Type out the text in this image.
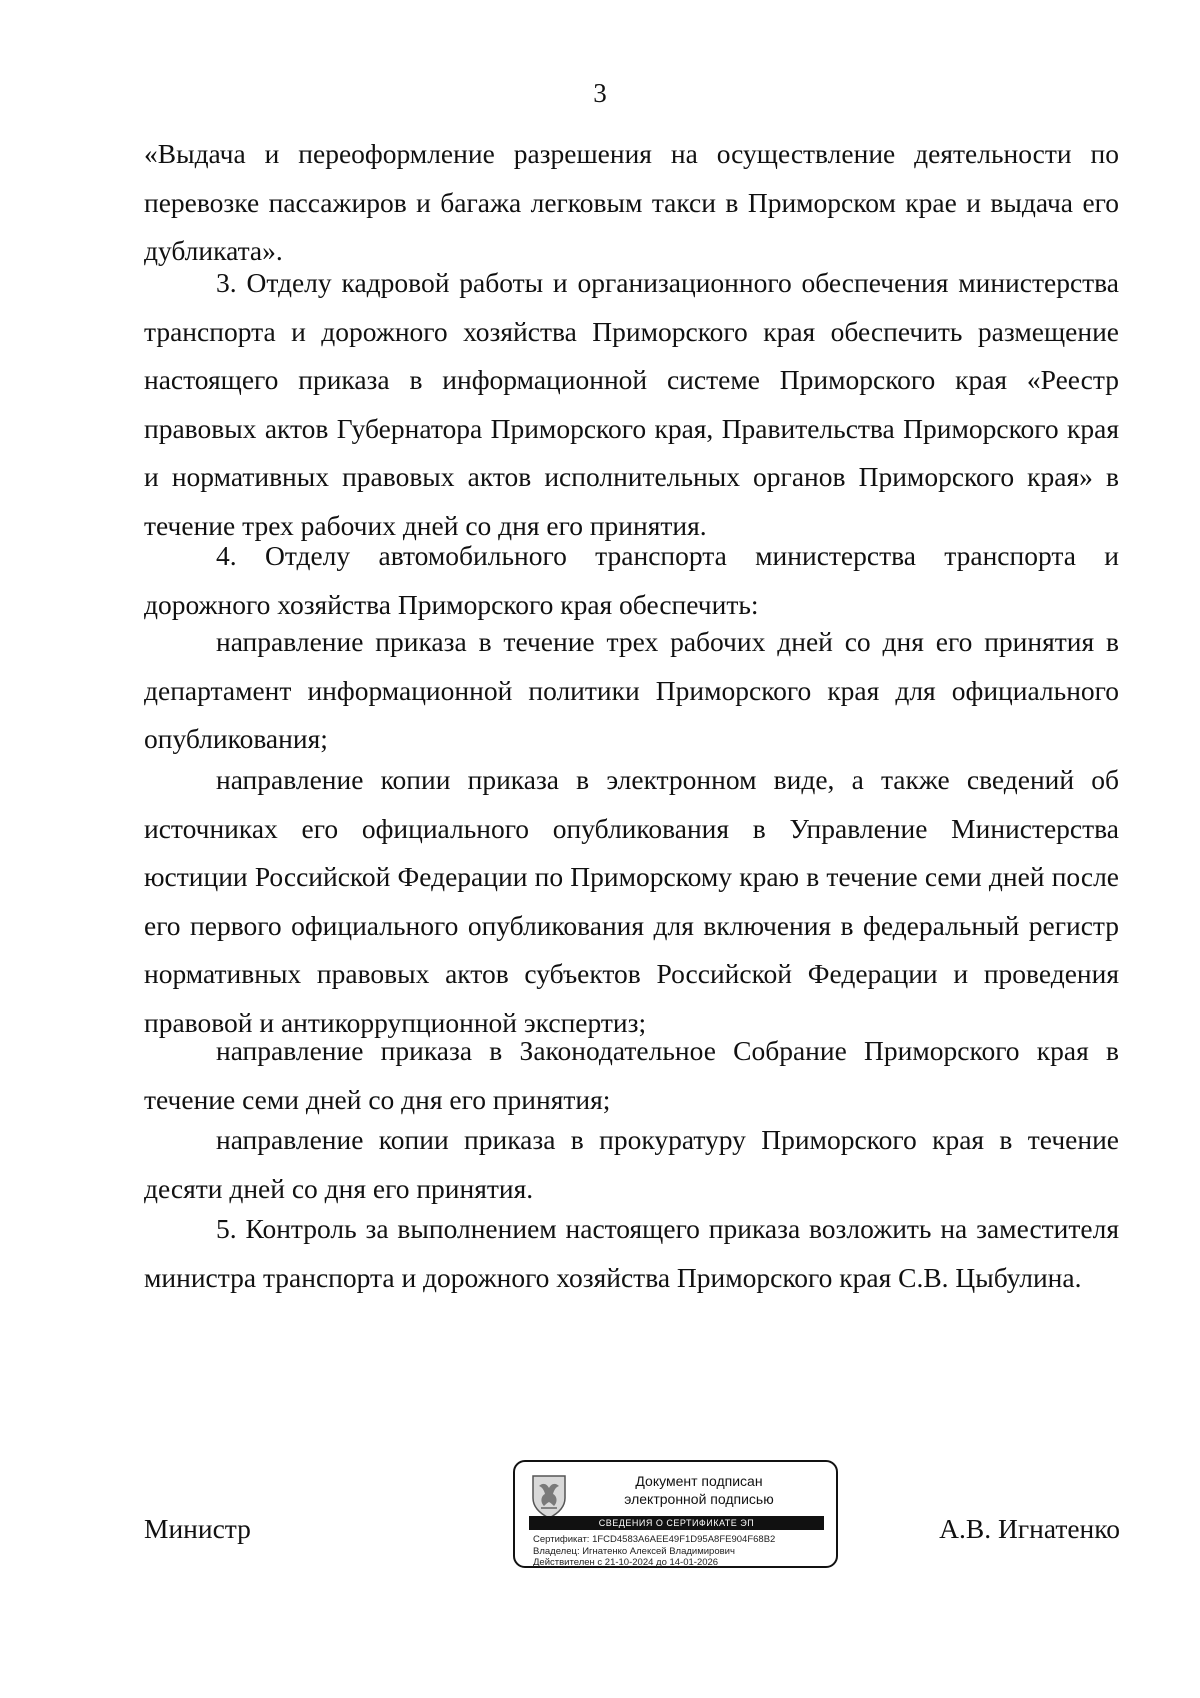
3

«Выдача и переоформление разрешения на осуществление деятельности по перевозке пассажиров и багажа легковым такси в Приморском крае и выдача его дубликата».

3. Отделу кадровой работы и организационного обеспечения министерства транспорта и дорожного хозяйства Приморского края обеспечить размещение настоящего приказа в информационной системе Приморского края «Реестр правовых актов Губернатора Приморского края, Правительства Приморского края и нормативных правовых актов исполнительных органов Приморского края» в течение трех рабочих дней со дня его принятия.

4. Отделу автомобильного транспорта министерства транспорта и дорожного хозяйства Приморского края обеспечить:

направление приказа в течение трех рабочих дней со дня его принятия в департамент информационной политики Приморского края для официального опубликования;

направление копии приказа в электронном виде, а также сведений об источниках его официального опубликования в Управление Министерства юстиции Российской Федерации по Приморскому краю в течение семи дней после его первого официального опубликования для включения в федеральный регистр нормативных правовых актов субъектов Российской Федерации и проведения правовой и антикоррупционной экспертиз;

направление приказа в Законодательное Собрание Приморского края в течение семи дней со дня его принятия;

направление копии приказа в прокуратуру Приморского края в течение десяти дней со дня его принятия.

5. Контроль за выполнением настоящего приказа возложить на заместителя министра транспорта и дорожного хозяйства Приморского края С.В. Цыбулина.

Министр	А.В. Игнатенко
Документ подписан
электронной подписью
СВЕДЕНИЯ О СЕРТИФИКАТЕ ЭП
Сертификат: 1FCD4583A6AEE49F1D95A8FE904F68B2
Владелец: Игнатенко Алексей Владимирович
Действителен с 21-10-2024 до 14-01-2026
